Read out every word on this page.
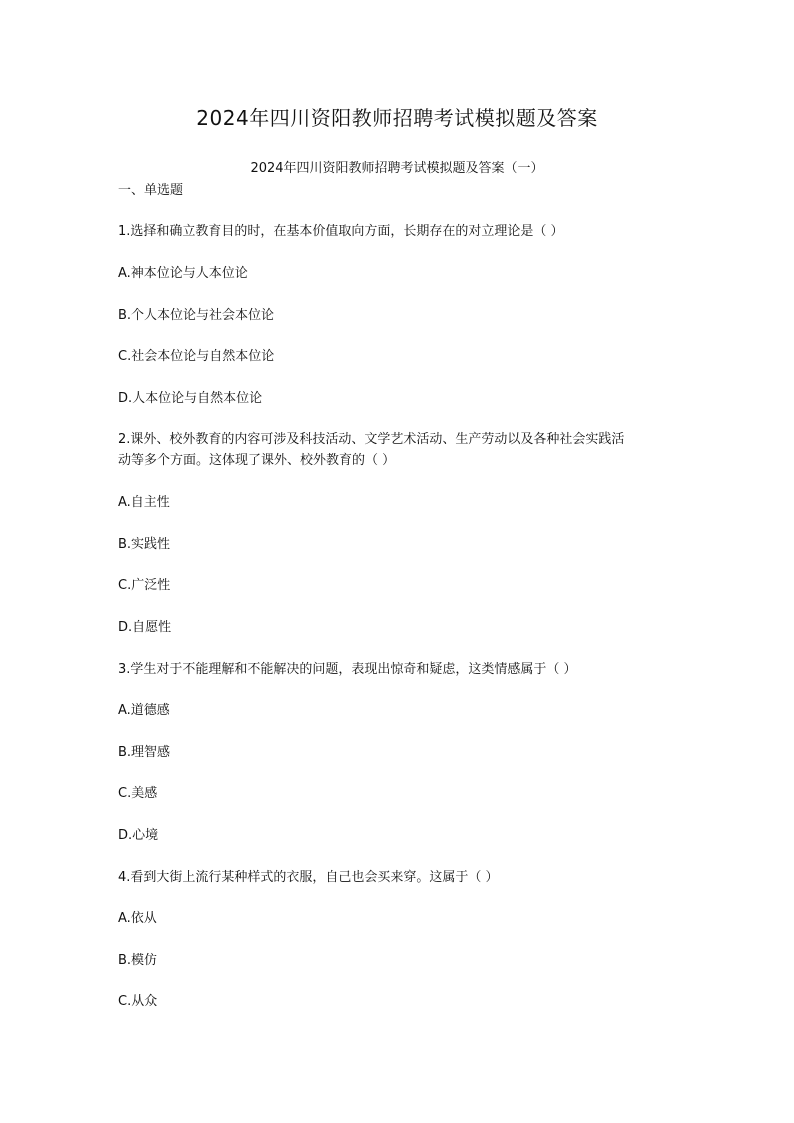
2024年四川资阳教师招聘考试模拟题及答案
2024年四川资阳教师招聘考试模拟题及答案（一）
一、单选题
1.选择和确立教育目的时，在基本价值取向方面，长期存在的对立理论是（ ）
A.神本位论与人本位论
B.个人本位论与社会本位论
C.社会本位论与自然本位论
D.人本位论与自然本位论
2.课外、校外教育的内容可涉及科技活动、文学艺术活动、生产劳动以及各种社会实践活
动等多个方面。这体现了课外、校外教育的（ ）
A.自主性
B.实践性
C.广泛性
D.自愿性
3.学生对于不能理解和不能解决的问题，表现出惊奇和疑虑，这类情感属于（ ）
A.道德感
B.理智感
C.美感
D.心境
4.看到大街上流行某种样式的衣服，自己也会买来穿。这属于（ ）
A.依从
B.模仿
C.从众
